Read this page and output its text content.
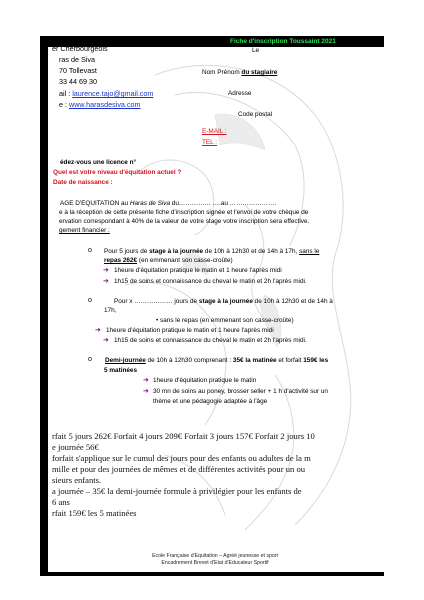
Fiche d'inscription Toussaint 2021
er Cherbourgeois
ras de Siva
70 Tollevast
33 44 69 30
ail : laurence.tajo@gmail.com
e : www.harasdesiva.com
Le
Nom Prénom du stagiaire
Adresse
Code postal
E-MAIL :
TEL :
édez-vous une licence n°
Quel est votre niveau d'équitation actuel ?
Date de naissance :
AGE D'EQUITATION au Haras de Siva du…………… ….au ………………….
e à la réception de cette présente fiche d'inscription signée et l'envoi de votre chèque de
ervation correspondant à 40% de la valeur de votre stage votre inscription sera effective.
gement financier :
o Pour 5 jours de stage à la journée de 10h à 12h30 et de 14h à 17h, sans le
repas 262€ (en emmenant son casse-croûte)
➜ 1heure d'équitation pratique le matin et 1 heure l'après midi
➜ 1h15 de soins et connaissance du cheval le matin et 2h l'après midi.
o	Pour x ……………… jours de stage à la journée de 10h à 12h30 et de 14h à
17h,
• sans le repas (en emmenant son casse-croûte)
➜ 1heure d'équitation pratique le matin et 1 heure l'après midi
➜ 1h15 de soins et connaissance du cheval le matin et 2h l'après midi.
o Demi-journée de 10h à 12h30 comprenant : 35€ la matinée et forfait 159€ les
5 matinées
➜ 1heure d'équitation pratique le matin
➜ 30 mn de soins au poney, brosser seller + 1 h d'activité sur un
thème et une pédagogie adaptée à l'âge
rfait 5 jours 262€ Forfait 4 jours 209€ Forfait 3 jours 157€ Forfait 2 jours 10
e journée 56€
forfait s'applique sur le cumul des jours pour des enfants ou adultes de la m
mille et pour des journées de mêmes et de différentes activités pour un ou
sieurs enfants.
a journée – 35€ la demi-journée formule à privilégier pour les enfants de
6 ans
rfait 159€ les 5 matinées
Ecole Française d'Equitation – Agréé jeunesse et sport
Encadrement Brevet d'Etat d'Educateur Sportif
